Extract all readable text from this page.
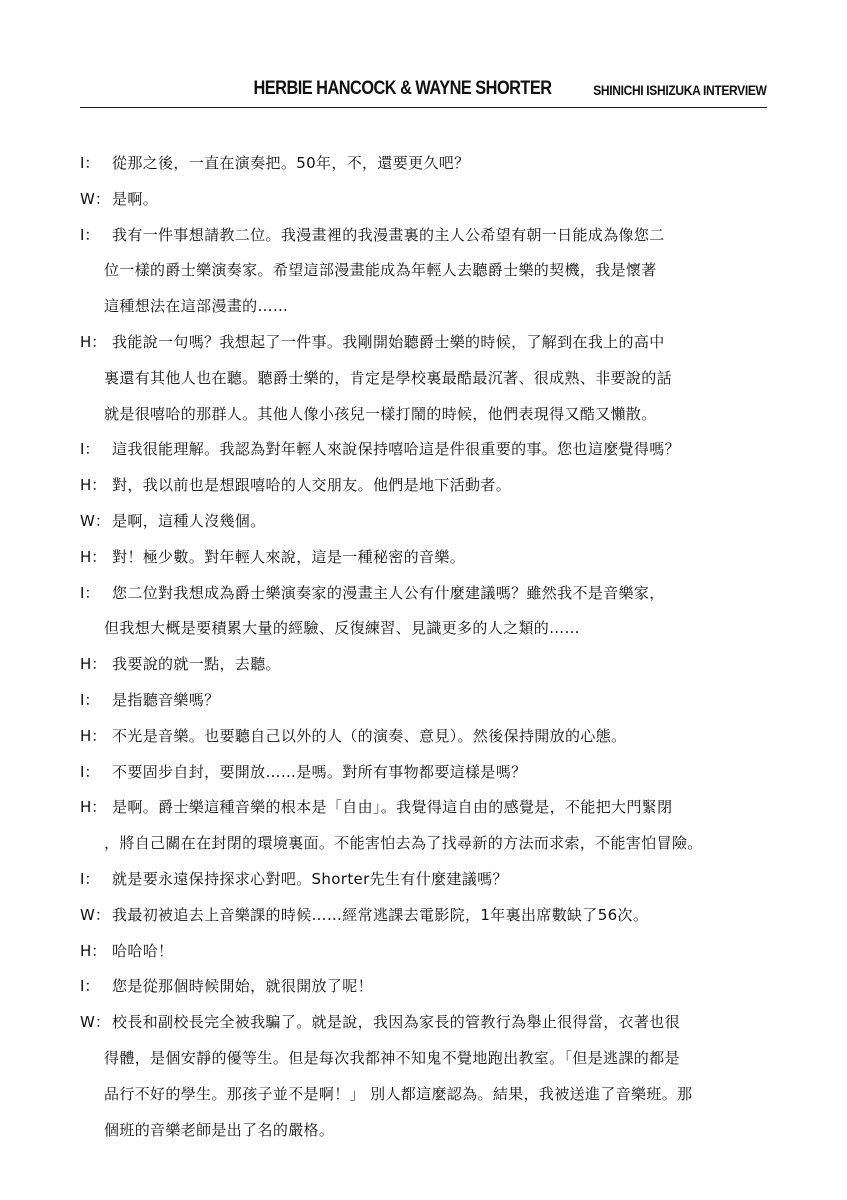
HERBIE HANCOCK & WAYNE SHORTER	SHINICHI ISHIZUKA INTERVIEW
I： 從那之後，一直在演奏把。50年，不，還要更久吧？
W： 是啊。
I： 我有一件事想請教二位。我漫畫裡的我漫畫裏的主人公希望有朝一日能成為像您二
位一樣的爵士樂演奏家。希望這部漫畫能成為年輕人去聽爵士樂的契機，我是懷著
這種想法在這部漫畫的……
H： 我能說一句嗎？我想起了一件事。我剛開始聽爵士樂的時候，了解到在我上的高中
裏還有其他人也在聽。聽爵士樂的，肯定是學校裏最酷最沉著、很成熟、非要說的話
就是很嘻哈的那群人。其他人像小孩兒一樣打鬧的時候，他們表現得又酷又懶散。
I： 這我很能理解。我認為對年輕人來說保持嘻哈這是件很重要的事。您也這麼覺得嗎？
H： 對，我以前也是想跟嘻哈的人交朋友。他們是地下活動者。
W： 是啊，這種人沒幾個。
H： 對！極少數。對年輕人來說，這是一種秘密的音樂。
I： 您二位對我想成為爵士樂演奏家的漫畫主人公有什麼建議嗎？雖然我不是音樂家，
但我想大概是要積累大量的經驗、反復練習、見識更多的人之類的……
H： 我要說的就一點，去聽。
I： 是指聽音樂嗎？
H： 不光是音樂。也要聽自己以外的人（的演奏、意見）。然後保持開放的心態。
I： 不要固步自封，要開放……是嗎。對所有事物都要這樣是嗎？
H： 是啊。爵士樂這種音樂的根本是「自由」。我覺得這自由的感覺是，不能把大門緊閉
，將自己關在在封閉的環境裏面。不能害怕去為了找尋新的方法而求索，不能害怕冒險。
I： 就是要永遠保持探求心對吧。Shorter先生有什麼建議嗎？
W： 我最初被追去上音樂課的時候……經常逃課去電影院，1年裏出席數缺了56次。
H： 哈哈哈！
I： 您是從那個時候開始，就很開放了呢！
W： 校長和副校長完全被我騙了。就是說，我因為家長的管教行為舉止很得當，衣著也很
得體，是個安靜的優等生。但是每次我都神不知鬼不覺地跑出教室。「但是逃課的都是
品行不好的學生。那孩子並不是啊！」 別人都這麼認為。結果，我被送進了音樂班。那
個班的音樂老師是出了名的嚴格。
